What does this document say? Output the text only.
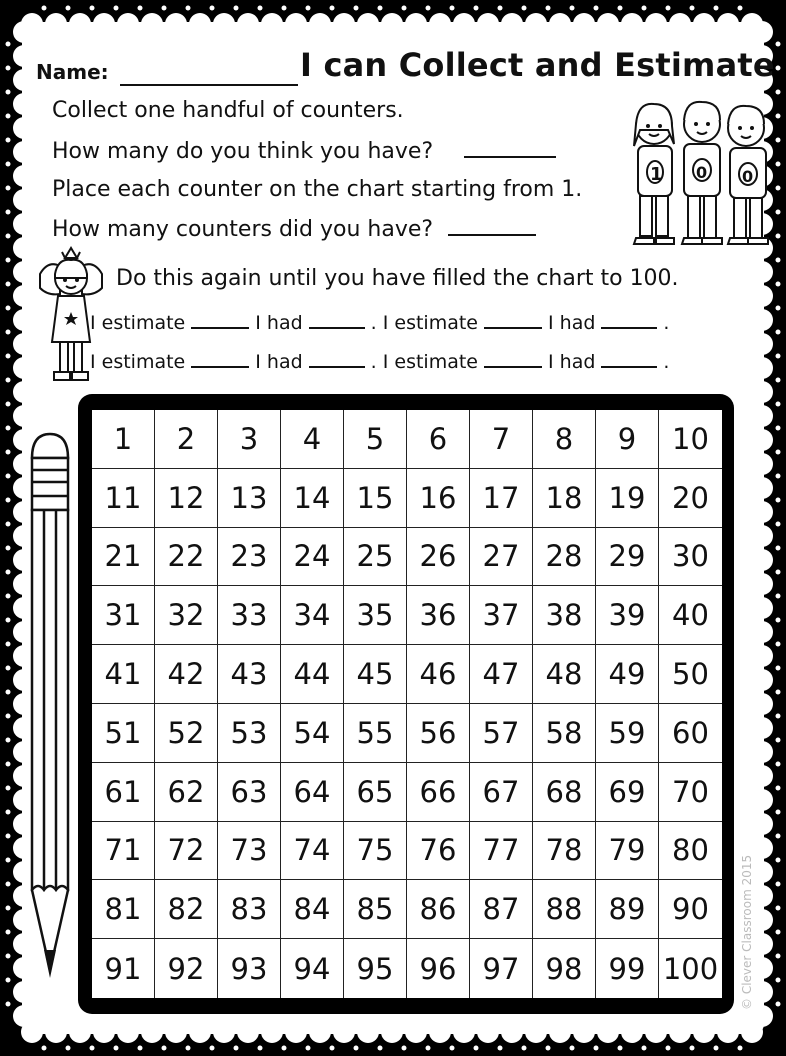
Name:	I can Collect and Estimate
Collect one handful of counters.
How many do you think you have?
Place each counter on the chart starting from 1.
How many counters did you have?
Do this again until you have filled the chart to 100.
I estimate	I had	. I estimate	I had	.
I estimate	I had	. I estimate	I had	.
1 0 0
1	2	3	4	5	6	7	8	9	10
11 12 13 14 15 16 17 18 19 20
21 22 23 24 25 26 27 28 29 30
31 32 33 34 35 36 37 38 39 40
41 42 43 44 45 46 47 48 49 50
51 52 53 54 55 56 57 58 59 60
61 62 63 64 65 66 67 68 69 70
71 72 73 74 75 76 77 78 79 80
81 82 83 84 85 86 87 88 89 90
91 92 93 94 95 96 97 98 99 100	© Clever Classroom 2015
